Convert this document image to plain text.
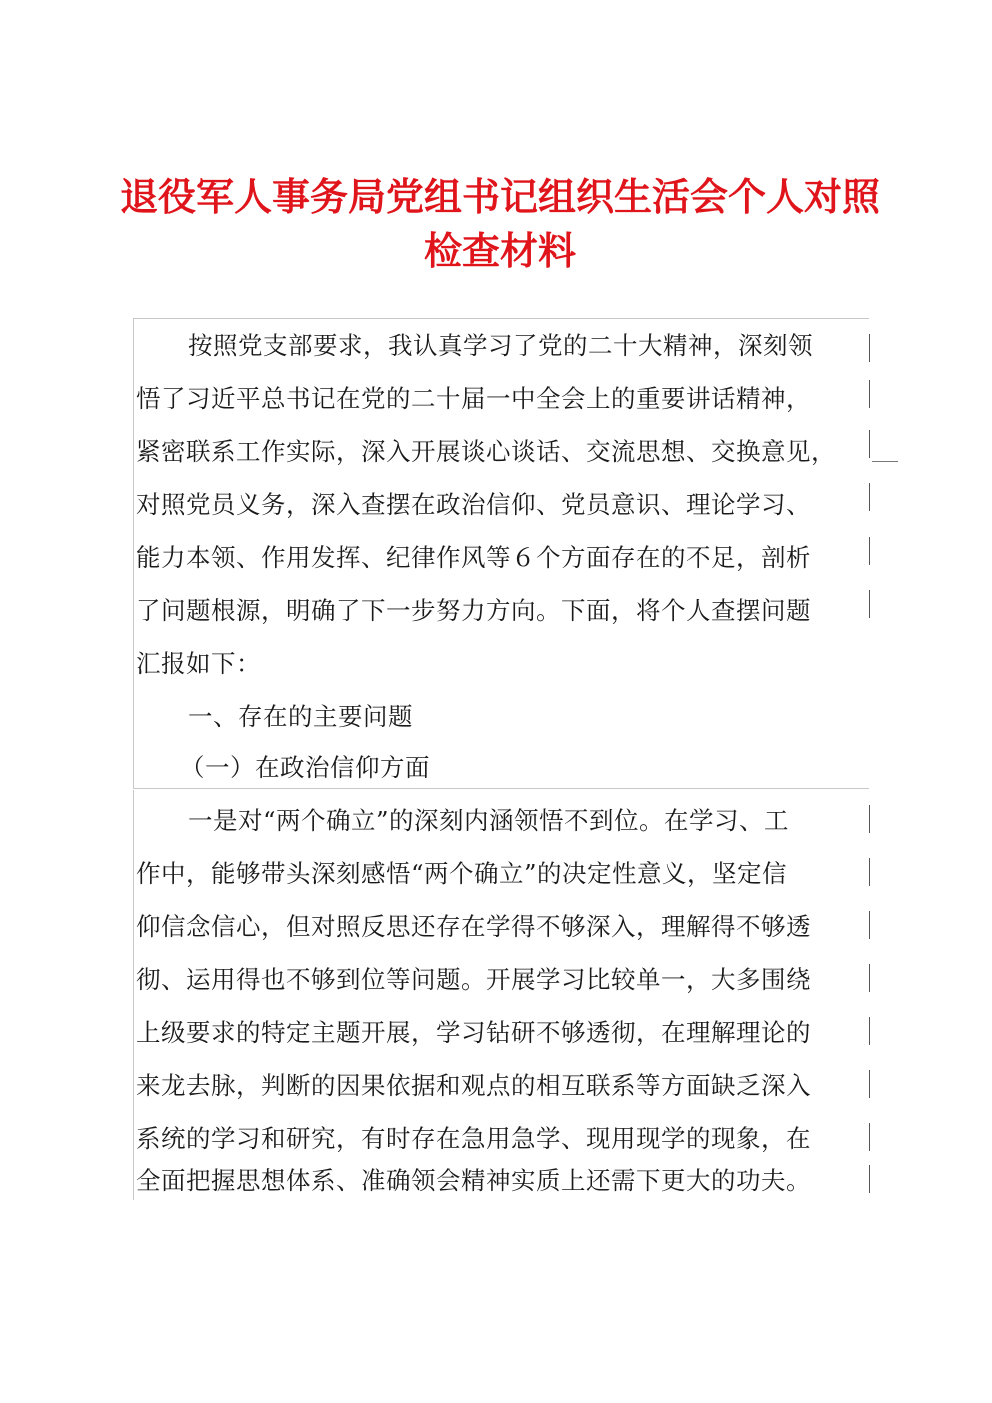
退役军人事务局党组书记组织生活会个人对照
检查材料

按照党支部要求，我认真学习了党的二十大精神，深刻领

悟了习近平总书记在党的二十届一中全会上的重要讲话精神，

紧密联系工作实际，深入开展谈心谈话、交流思想、交换意见，

对照党员义务，深入查摆在政治信仰、党员意识、理论学习、

能力本领、作用发挥、纪律作风等６个方面存在的不足，剖析

了问题根源，明确了下一步努力方向。下面，将个人查摆问题

汇报如下：

一、存在的主要问题

（一）在政治信仰方面

一是对“两个确立”的深刻内涵领悟不到位。在学习、工

作中，能够带头深刻感悟“两个确立”的决定性意义，坚定信

仰信念信心，但对照反思还存在学得不够深入，理解得不够透

彻、运用得也不够到位等问题。开展学习比较单一，大多围绕

上级要求的特定主题开展，学习钻研不够透彻，在理解理论的

来龙去脉，判断的因果依据和观点的相互联系等方面缺乏深入

系统的学习和研究，有时存在急用急学、现用现学的现象，在

全面把握思想体系、准确领会精神实质上还需下更大的功夫。
